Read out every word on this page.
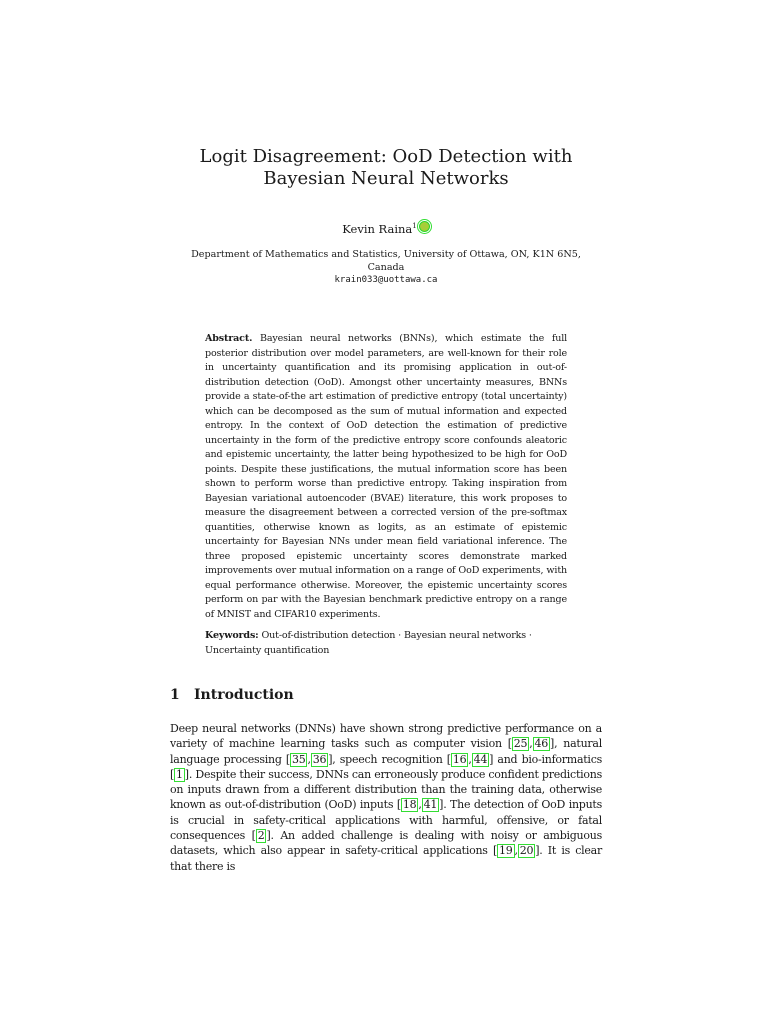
Logit Disagreement: OoD Detection with
Bayesian Neural Networks
Kevin Raina$^1$
Department of Mathematics and Statistics, University of Ottawa, ON, K1N 6N5,
Canada
krain033@uottawa.ca
Abstract. Bayesian neural networks (BNNs), which estimate the full posterior distribution over model parameters, are well-known for their role in uncertainty quantification and its promising application in out-of-distribution detection (OoD). Amongst other uncertainty measures, BNNs provide a state-of-the art estimation of predictive entropy (total uncertainty) which can be decomposed as the sum of mutual information and expected entropy. In the context of OoD detection the estimation of predictive uncertainty in the form of the predictive entropy score confounds aleatoric and epistemic uncertainty, the latter being hypothesized to be high for OoD points. Despite these justifications, the mutual information score has been shown to perform worse than predictive entropy. Taking inspiration from Bayesian variational autoencoder (BVAE) literature, this work proposes to measure the disagreement between a corrected version of the pre-softmax quantities, otherwise known as logits, as an estimate of epistemic uncertainty for Bayesian NNs under mean field variational inference. The three proposed epistemic uncertainty scores demonstrate marked improvements over mutual information on a range of OoD experiments, with equal performance otherwise. Moreover, the epistemic uncertainty scores perform on par with the Bayesian benchmark predictive entropy on a range of MNIST and CIFAR10 experiments.
Keywords: Out-of-distribution detection · Bayesian neural networks · Uncertainty quantification
1 Introduction
Deep neural networks (DNNs) have shown strong predictive performance on a variety of machine learning tasks such as computer vision [ 25 , 46 ], natural language processing [ 35 , 36 ], speech recognition [ 16 , 44 ] and bio-informatics [ 1 ]. Despite their success, DNNs can erroneously produce confident predictions on inputs drawn from a different distribution than the training data, otherwise known as out-of-distribution (OoD) inputs [ 18 , 41 ]. The detection of OoD inputs is crucial in safety-critical applications with harmful, offensive, or fatal consequences [ 2 ]. An added challenge is dealing with noisy or ambiguous datasets, which also appear in safety-critical applications [ 19 , 20 ]. It is clear that there is
